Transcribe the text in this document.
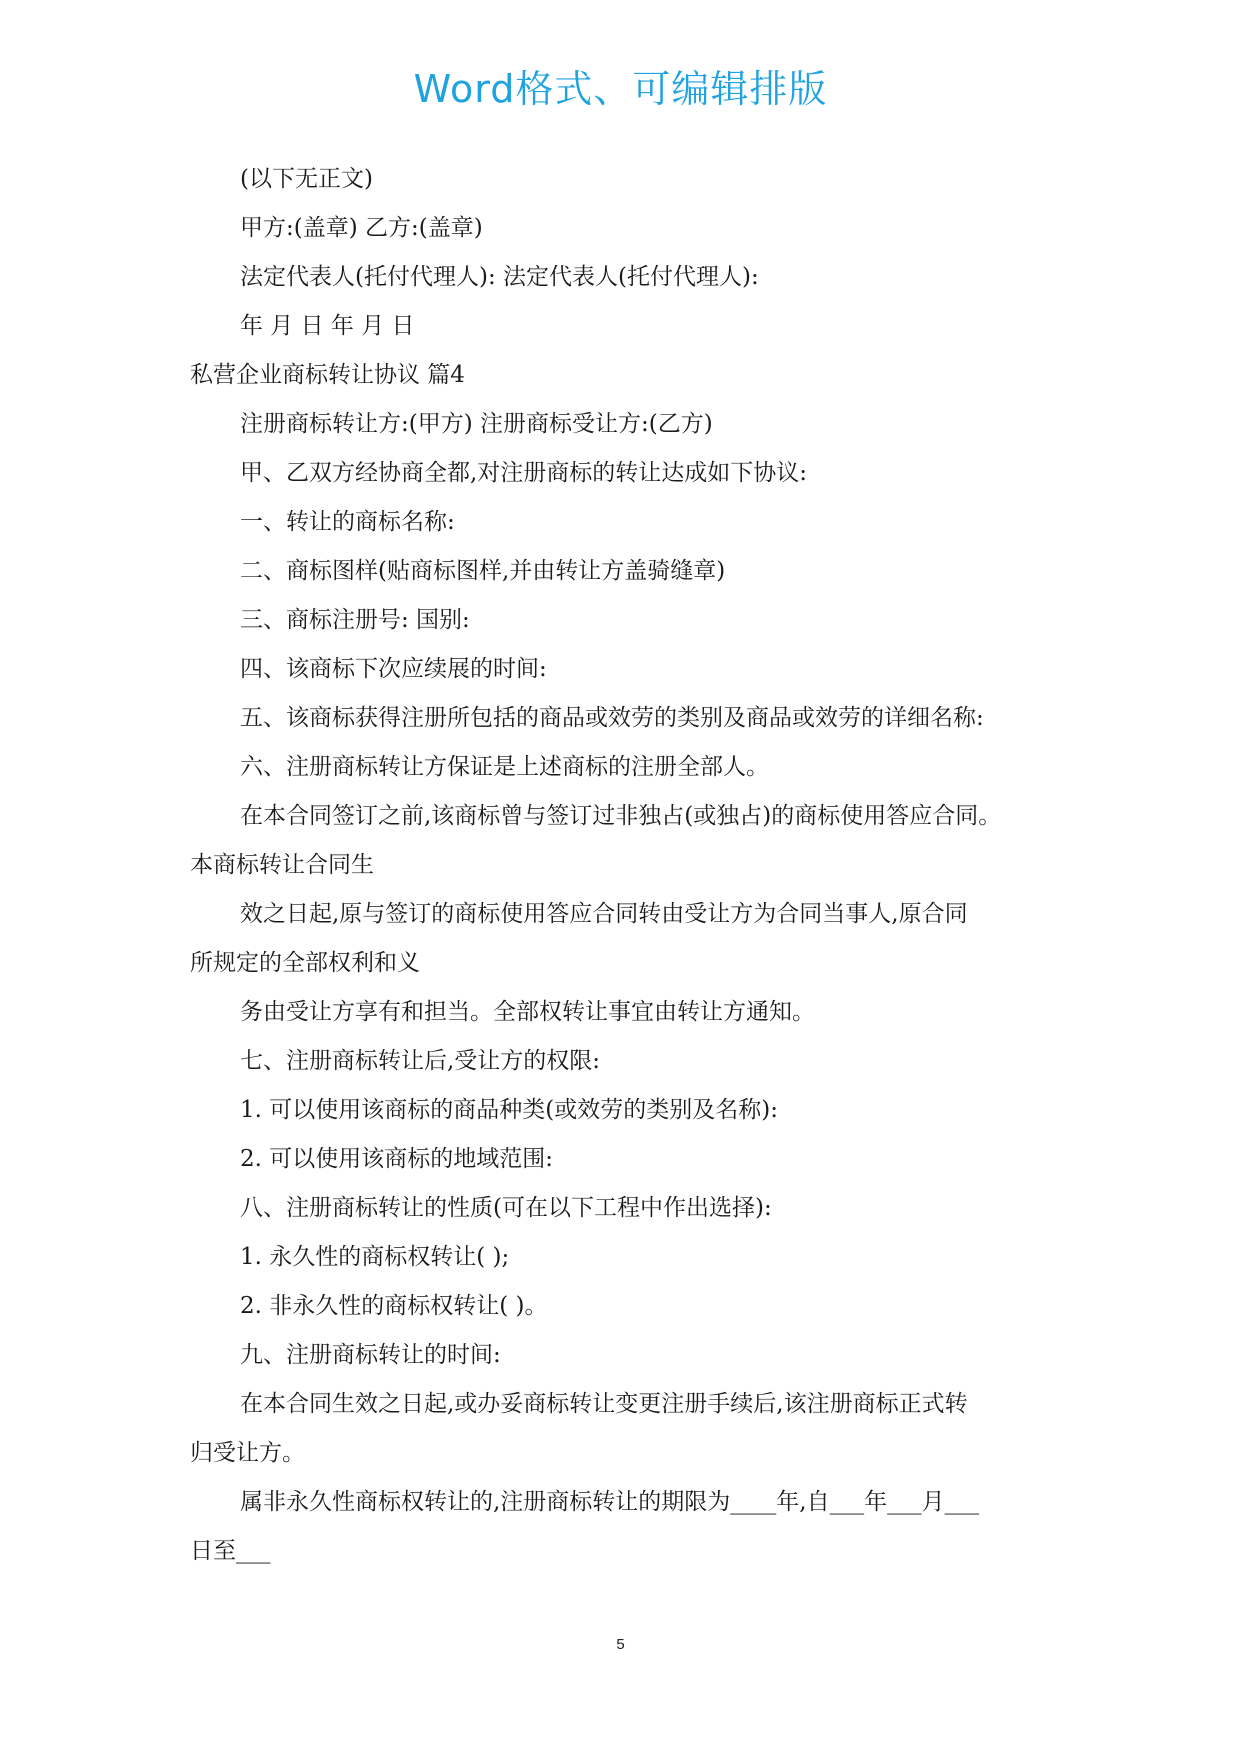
Word格式、可编辑排版
(以下无正文)
甲方:(盖章) 乙方:(盖章)
法定代表人(托付代理人): 法定代表人(托付代理人):
年 月 日 年 月 日
私营企业商标转让协议 篇4
注册商标转让方:(甲方) 注册商标受让方:(乙方)
甲、乙双方经协商全都,对注册商标的转让达成如下协议:
一、转让的商标名称:
二、商标图样(贴商标图样,并由转让方盖骑缝章)
三、商标注册号: 国别:
四、该商标下次应续展的时间:
五、该商标获得注册所包括的商品或效劳的类别及商品或效劳的详细名称:
六、注册商标转让方保证是上述商标的注册全部人。
在本合同签订之前,该商标曾与签订过非独占(或独占)的商标使用答应合同。
本商标转让合同生
效之日起,原与签订的商标使用答应合同转由受让方为合同当事人,原合同
所规定的全部权利和义
务由受让方享有和担当。全部权转让事宜由转让方通知。
七、注册商标转让后,受让方的权限:
1. 可以使用该商标的商品种类(或效劳的类别及名称):
2. 可以使用该商标的地域范围:
八、注册商标转让的性质(可在以下工程中作出选择):
1. 永久性的商标权转让( );
2. 非永久性的商标权转让( )。
九、注册商标转让的时间:
在本合同生效之日起,或办妥商标转让变更注册手续后,该注册商标正式转
归受让方。
属非永久性商标权转让的,注册商标转让的期限为____年,自___年___月___
日至___
5
